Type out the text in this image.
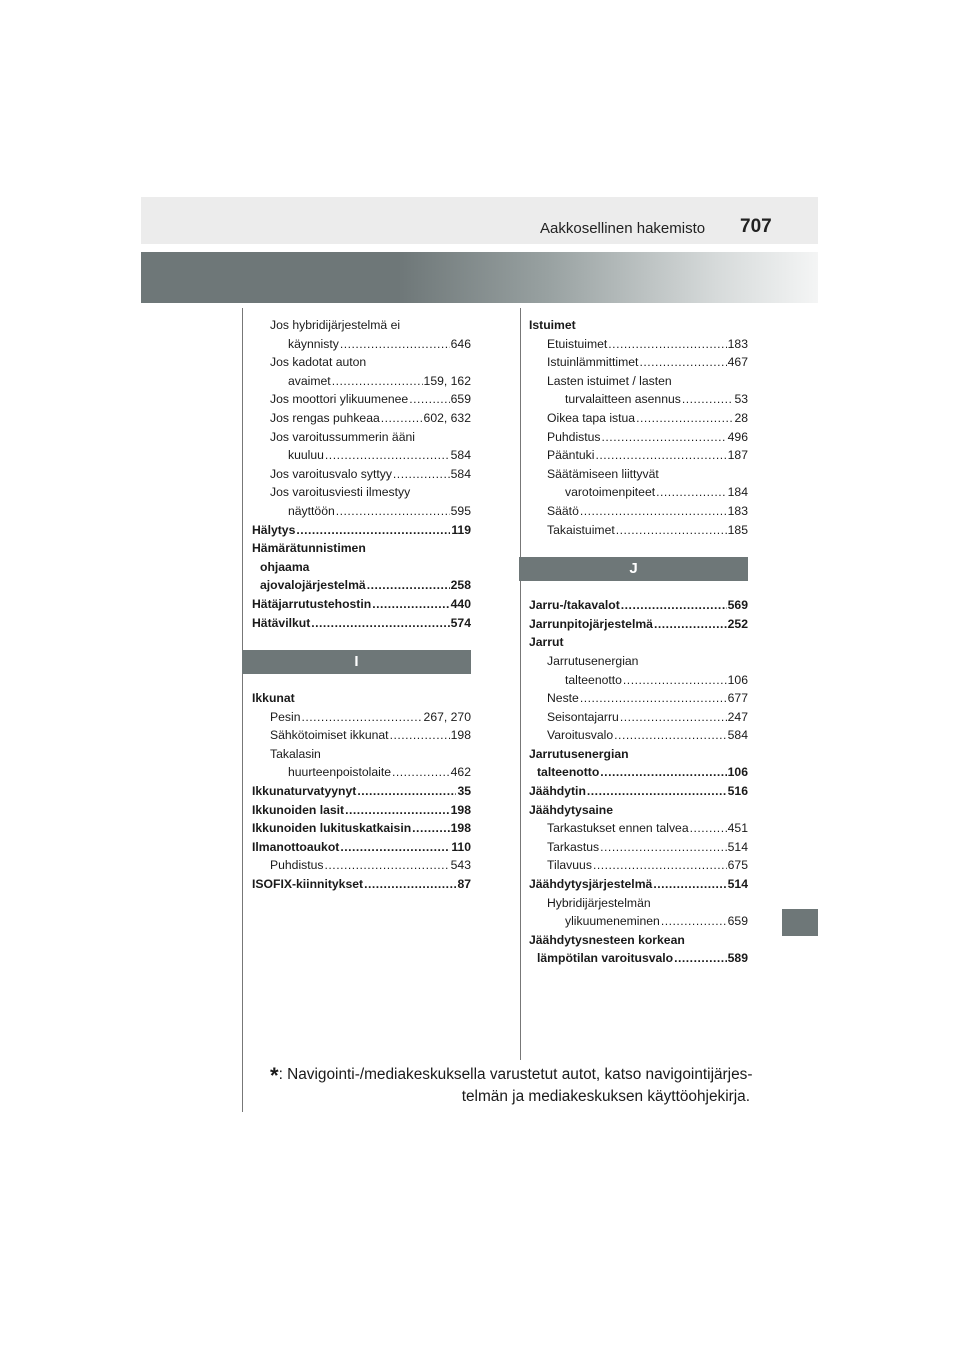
Aakkosellinen hakemisto 707
Jos hybridijärjestelmä ei
käynnisty .....	646
Jos kadotat auton
avaimet .....	159, 162
Jos moottori ylikuumenee .....	659
Jos rengas puhkeaa .....	602, 632
Jos varoitussummerin ääni
kuuluu .....	584
Jos varoitusvalo syttyy .....	584
Jos varoitusviesti ilmestyy
näyttöön .....	595
Hälytys .....	119
Hämärätunnistimen
ohjaama
ajovalojärjestelmä .....	258
Hätäjarrutustehostin .....	440
Hätävilkut .....	574
I
Ikkunat
Pesin .....	267, 270
Sähkötoimiset ikkunat .....	198
Takalasin
huurteenpoistolaite .....	462
Ikkunaturvatyynyt .....	35
Ikkunoiden lasit .....	198
Ikkunoiden lukituskatkaisin .....	198
Ilmanottoaukot .....	110
Puhdistus .....	543
ISOFIX-kiinnitykset .....	87
Istuimet
Etuistuimet .....	183
Istuinlämmittimet .....	467
Lasten istuimet / lasten
turvalaitteen asennus .....	53
Oikea tapa istua .....	28
Puhdistus .....	496
Pääntuki .....	187
Säätämiseen liittyvät
varotoimenpiteet .....	184
Säätö .....	183
Takaistuimet .....	185
J
Jarru-/takavalot .....	569
Jarrunpitojärjestelmä .....	252
Jarrut
Jarrutusenergian
talteenotto .....	106
Neste .....	677
Seisontajarru .....	247
Varoitusvalo .....	584
Jarrutusenergian
talteenotto .....	106
Jäähdytin .....	516
Jäähdytysaine
Tarkastukset ennen talvea .....	451
Tarkastus .....	514
Tilavuus .....	675
Jäähdytysjärjestelmä .....	514
Hybridijärjestelmän
ylikuumeneminen .....	659
Jäähdytysnesteen korkean
lämpötilan varoitusvalo .....	589
*: Navigointi-/mediakeskuksella varustetut autot, katso navigointijärjes-
telmän ja mediakeskuksen käyttöohjekirja.
